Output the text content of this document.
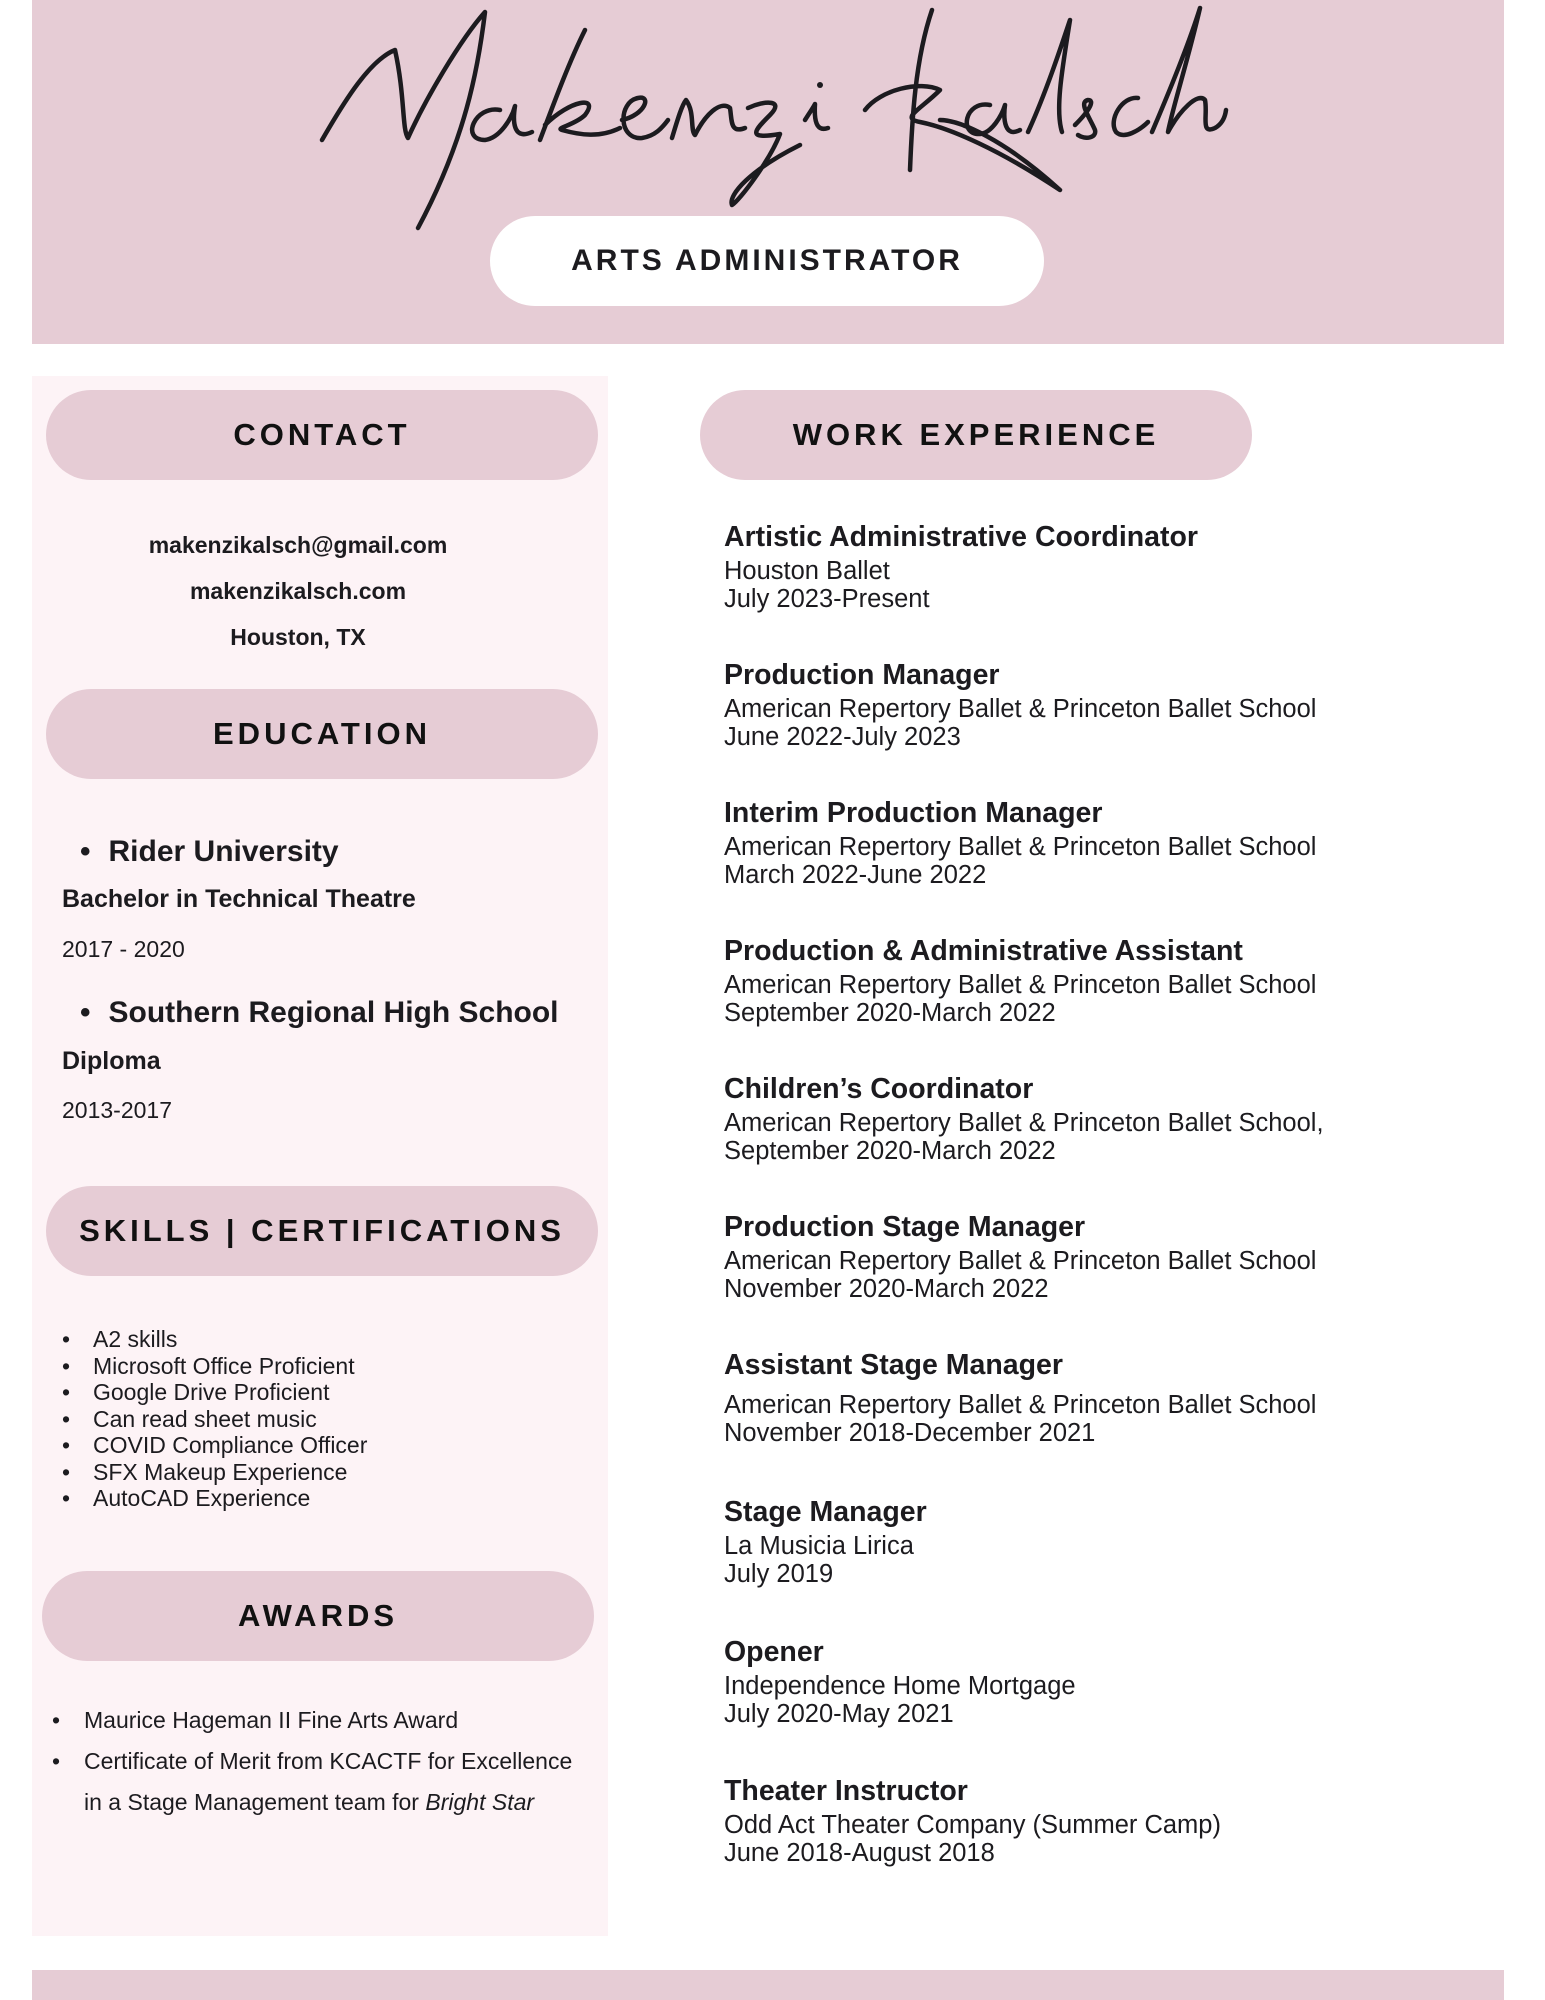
ARTS ADMINISTRATOR
CONTACT
makenzikalsch@gmail.com
makenzikalsch.com
Houston, TX
EDUCATION
• Rider University
Bachelor in Technical Theatre
2017 - 2020
• Southern Regional High School
Diploma
2013-2017
SKILLS | CERTIFICATIONS
• A2 skills
• Microsoft Office Proficient
• Google Drive Proficient
• Can read sheet music
• COVID Compliance Officer
• SFX Makeup Experience
• AutoCAD Experience
AWARDS
• Maurice Hageman II Fine Arts Award
• Certificate of Merit from KCACTF for Excellence in a Stage Management team for Bright Star
WORK EXPERIENCE
Artistic Administrative Coordinator
Houston Ballet
July 2023-Present
Production Manager
American Repertory Ballet & Princeton Ballet School
June 2022-July 2023
Interim Production Manager
American Repertory Ballet & Princeton Ballet School
March 2022-June 2022
Production & Administrative Assistant
American Repertory Ballet & Princeton Ballet School
September 2020-March 2022
Children’s Coordinator
American Repertory Ballet & Princeton Ballet School,
September 2020-March 2022
Production Stage Manager
American Repertory Ballet & Princeton Ballet School
November 2020-March 2022
Assistant Stage Manager
American Repertory Ballet & Princeton Ballet School
November 2018-December 2021
Stage Manager
La Musicia Lirica
July 2019
Opener
Independence Home Mortgage
July 2020-May 2021
Theater Instructor
Odd Act Theater Company (Summer Camp)
June 2018-August 2018
